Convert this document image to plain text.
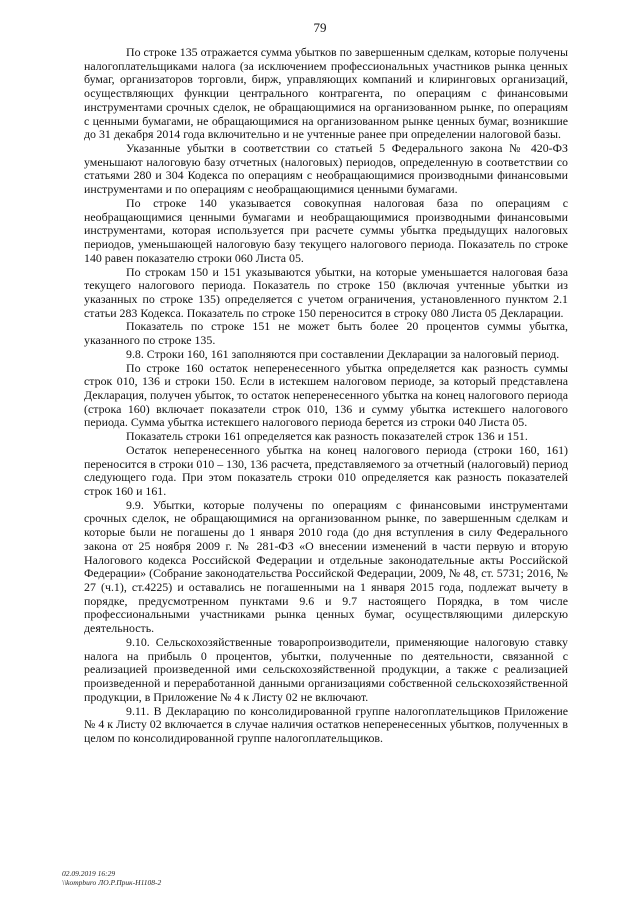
79

По строке 135 отражается сумма убытков по завершенным сделкам, которые получены налогоплательщиками налога (за исключением профессиональных участников рынка ценных бумаг, организаторов торговли, бирж, управляющих компаний и клиринговых организаций, осуществляющих функции центрального контрагента, по операциям с финансовыми инструментами срочных сделок, не обращающимися на организованном рынке, по операциям с ценными бумагами, не обращающимися на организованном рынке ценных бумаг, возникшие до 31 декабря 2014 года включительно и не учтенные ранее при определении налоговой базы.

Указанные убытки в соответствии со статьей 5 Федерального закона № 420-ФЗ уменьшают налоговую базу отчетных (налоговых) периодов, определенную в соответствии со статьями 280 и 304 Кодекса по операциям с необращающимися производными финансовыми инструментами и по операциям с необращающимися ценными бумагами.

По строке 140 указывается совокупная налоговая база по операциям с необращающимися ценными бумагами и необращающимися производными финансовыми инструментами, которая используется при расчете суммы убытка предыдущих налоговых периодов, уменьшающей налоговую базу текущего налогового периода. Показатель по строке 140 равен показателю строки 060 Листа 05.

По строкам 150 и 151 указываются убытки, на которые уменьшается налоговая база текущего налогового периода. Показатель по строке 150 (включая учтенные убытки из указанных по строке 135) определяется с учетом ограничения, установленного пунктом 2.1 статьи 283 Кодекса. Показатель по строке 150 переносится в строку 080 Листа 05 Декларации.

Показатель по строке 151 не может быть более 20 процентов суммы убытка, указанного по строке 135.

9.8. Строки 160, 161 заполняются при составлении Декларации за налоговый период.

По строке 160 остаток неперенесенного убытка определяется как разность суммы строк 010, 136 и строки 150. Если в истекшем налоговом периоде, за который представлена Декларация, получен убыток, то остаток неперенесенного убытка на конец налогового периода (строка 160) включает показатели строк 010, 136 и сумму убытка истекшего налогового периода. Сумма убытка истекшего налогового периода берется из строки 040 Листа 05.

Показатель строки 161 определяется как разность показателей строк 136 и 151.

Остаток неперенесенного убытка на конец налогового периода (строки 160, 161) переносится в строки 010 – 130, 136 расчета, представляемого за отчетный (налоговый) период следующего года. При этом показатель строки 010 определяется как разность показателей строк 160 и 161.

9.9. Убытки, которые получены по операциям с финансовыми инструментами срочных сделок, не обращающимися на организованном рынке, по завершенным сделкам и которые были не погашены до 1 января 2010 года (до дня вступления в силу Федерального закона от 25 ноября 2009 г. № 281-ФЗ «О внесении изменений в части первую и вторую Налогового кодекса Российской Федерации и отдельные законодательные акты Российской Федерации» (Собрание законодательства Российской Федерации, 2009, № 48, ст. 5731; 2016, № 27 (ч.1), ст.4225) и оставались не погашенными на 1 января 2015 года, подлежат вычету в порядке, предусмотренном пунктами 9.6 и 9.7 настоящего Порядка, в том числе профессиональными участниками рынка ценных бумаг, осуществляющими дилерскую деятельность.

9.10. Сельскохозяйственные товаропроизводители, применяющие налоговую ставку налога на прибыль 0 процентов, убытки, полученные по деятельности, связанной с реализацией произведенной ими сельскохозяйственной продукции, а также с реализацией произведенной и переработанной данными организациями собственной сельскохозяйственной продукции, в Приложение № 4 к Листу 02 не включают.

9.11. В Декларацию по консолидированной группе налогоплательщиков Приложение № 4 к Листу 02 включается в случае наличия остатков неперенесенных убытков, полученных в целом по консолидированной группе налогоплательщиков.

02.09.2019 16:29
\\kompburo ЛО.Р.Прик-Н1108-2
